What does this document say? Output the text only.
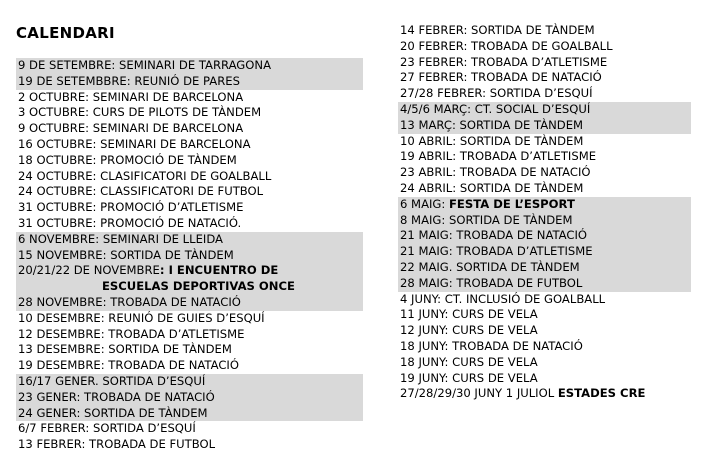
CALENDARI
9 DE SETEMBRE: SEMINARI DE TARRAGONA
19 DE SETEMBBRE: REUNIÓ DE PARES
2 OCTUBRE: SEMINARI DE BARCELONA
3 OCTUBRE: CURS DE PILOTS DE TÀNDEM
9 OCTUBRE: SEMINARI DE BARCELONA
16 OCTUBRE: SEMINARI DE BARCELONA
18 OCTUBRE: PROMOCIÓ DE TÀNDEM
24 OCTUBRE: CLASIFICATORI DE GOALBALL
24 OCTUBRE: CLASSIFICATORI DE FUTBOL
31 OCTUBRE: PROMOCIÓ D’ATLETISME
31 OCTUBRE: PROMOCIÓ DE NATACIÓ.
6 NOVEMBRE: SEMINARI DE LLEIDA
15 NOVEMBRE: SORTIDA DE TÀNDEM
20/21/22 DE NOVEMBRE: I ENCUENTRO DE
ESCUELAS DEPORTIVAS ONCE
28 NOVEMBRE: TROBADA DE NATACIÓ
10 DESEMBRE: REUNIÓ DE GUIES D’ESQUÍ
12 DESEMBRE: TROBADA D’ATLETISME
13 DESEMBRE: SORTIDA DE TÀNDEM
19 DESEMBRE: TROBADA DE NATACIÓ
16/17 GENER. SORTIDA D’ESQUÍ
23 GENER: TROBADA DE NATACIÓ
24 GENER: SORTIDA DE TÀNDEM
6/7 FEBRER: SORTIDA D’ESQUÍ
13 FEBRER: TROBADA DE FUTBOL
14 FEBRER: SORTIDA DE TÀNDEM
20 FEBRER: TROBADA DE GOALBALL
23 FEBRER: TROBADA D’ATLETISME
27 FEBRER: TROBADA DE NATACIÓ
27/28 FEBRER: SORTIDA D’ESQUÍ
4/5/6 MARÇ: CT. SOCIAL D’ESQUÍ
13 MARÇ: SORTIDA DE TÀNDEM
10 ABRIL: SORTIDA DE TÀNDEM
19 ABRIL: TROBADA D’ATLETISME
23 ABRIL: TROBADA DE NATACIÓ
24 ABRIL: SORTIDA DE TÀNDEM
6 MAIG: FESTA DE L’ESPORT
8 MAIG: SORTIDA DE TÀNDEM
21 MAIG: TROBADA DE NATACIÓ
21 MAIG: TROBADA D’ATLETISME
22 MAIG. SORTIDA DE TÀNDEM
28 MAIG: TROBADA DE FUTBOL
4 JUNY: CT. INCLUSIÓ DE GOALBALL
11 JUNY: CURS DE VELA
12 JUNY: CURS DE VELA
18 JUNY: TROBADA DE NATACIÓ
18 JUNY: CURS DE VELA
19 JUNY: CURS DE VELA
27/28/29/30 JUNY 1 JULIOL ESTADES CRE
